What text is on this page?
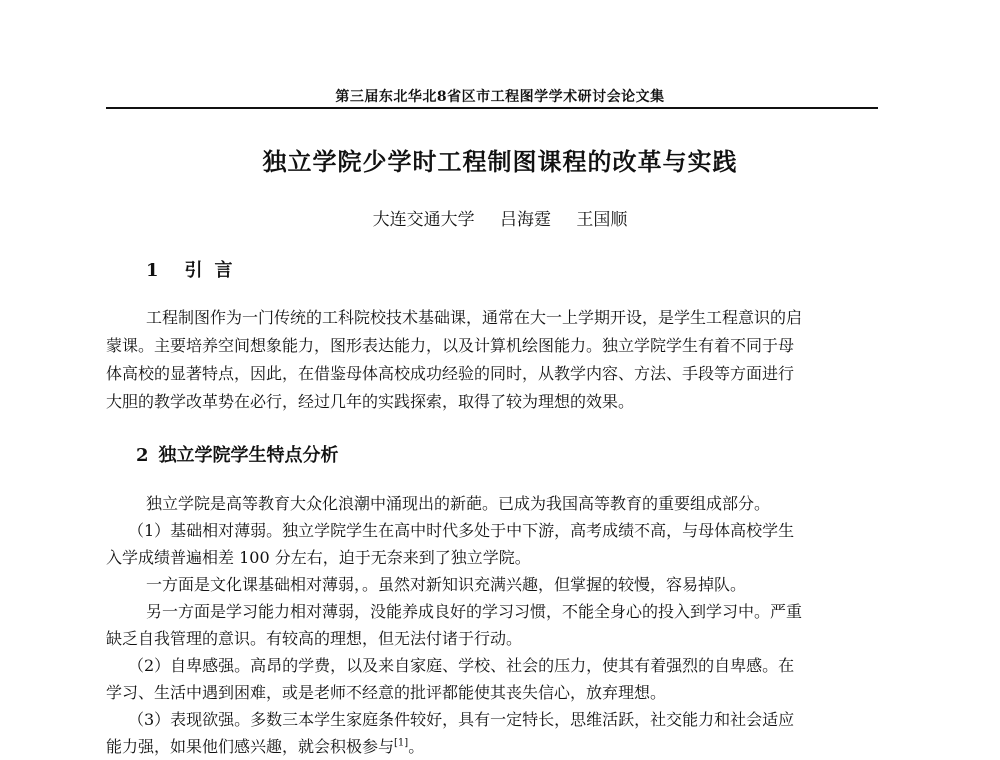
第三届东北华北8省区市工程图学学术研讨会论文集
独立学院少学时工程制图课程的改革与实践
大连交通大学 吕海霆 王国顺
1 引言
工程制图作为一门传统的工科院校技术基础课，通常在大一上学期开设，是学生工程意识的启
蒙课。主要培养空间想象能力，图形表达能力，以及计算机绘图能力。独立学院学生有着不同于母
体高校的显著特点，因此，在借鉴母体高校成功经验的同时，从教学内容、方法、手段等方面进行
大胆的教学改革势在必行，经过几年的实践探索，取得了较为理想的效果。
2 独立学院学生特点分析
独立学院是高等教育大众化浪潮中涌现出的新葩。已成为我国高等教育的重要组成部分。
（1）基础相对薄弱。独立学院学生在高中时代多处于中下游，高考成绩不高，与母体高校学生
入学成绩普遍相差 100 分左右，迫于无奈来到了独立学院。
一方面是文化课基础相对薄弱，。虽然对新知识充满兴趣，但掌握的较慢，容易掉队。
另一方面是学习能力相对薄弱，没能养成良好的学习习惯，不能全身心的投入到学习中。严重
缺乏自我管理的意识。有较高的理想，但无法付诸于行动。
（2）自卑感强。高昂的学费，以及来自家庭、学校、社会的压力，使其有着强烈的自卑感。在
学习、生活中遇到困难，或是老师不经意的批评都能使其丧失信心，放弃理想。
（3）表现欲强。多数三本学生家庭条件较好，具有一定特长，思维活跃，社交能力和社会适应
能力强，如果他们感兴趣，就会积极参与[1]。
